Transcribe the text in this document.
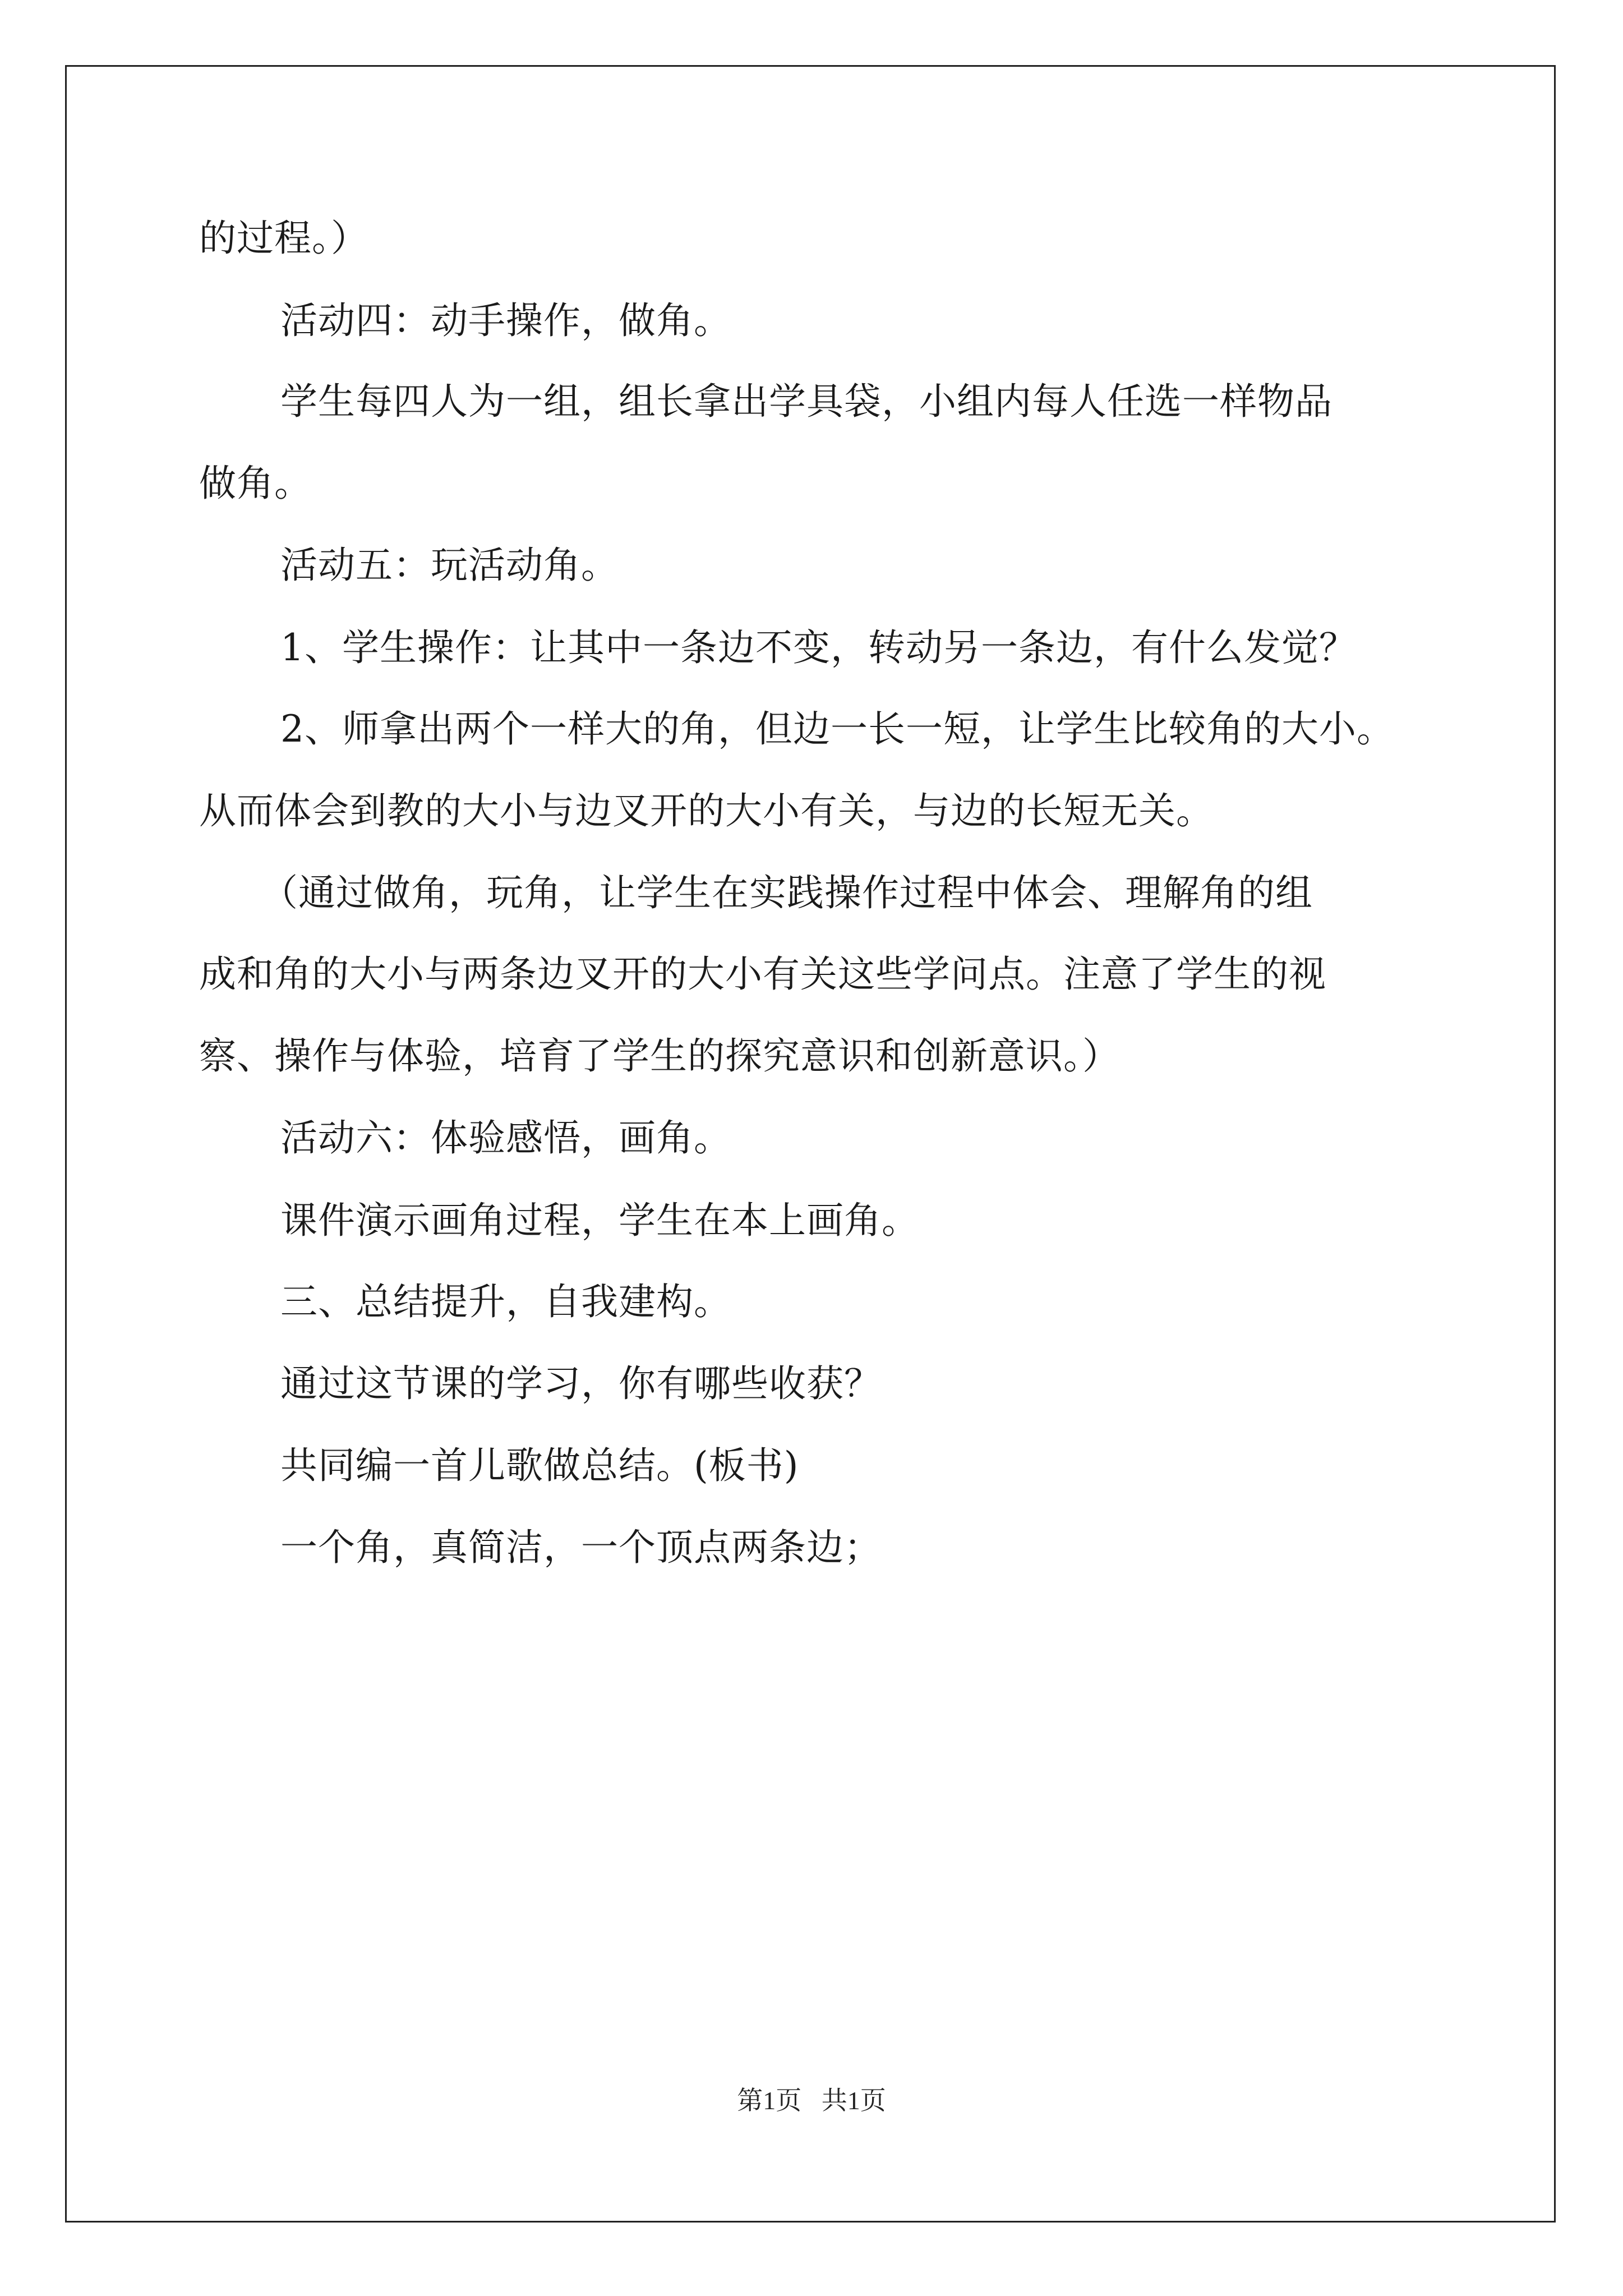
的过程。）

活动四：动手操作，做角。

学生每四人为一组，组长拿出学具袋，小组内每人任选一样物品

做角。

活动五：玩活动角。

1、学生操作：让其中一条边不变，转动另一条边，有什么发觉？

2、师拿出两个一样大的角，但边一长一短，让学生比较角的大小。

从而体会到教的大小与边叉开的大小有关，与边的长短无关。

（通过做角，玩角，让学生在实践操作过程中体会、理解角的组

成和角的大小与两条边叉开的大小有关这些学问点。注意了学生的视

察、操作与体验，培育了学生的探究意识和创新意识。）

活动六：体验感悟，画角。

课件演示画角过程，学生在本上画角。

三、总结提升，自我建构。

通过这节课的学习，你有哪些收获？

共同编一首儿歌做总结。(板书)

一个角，真简洁，一个顶点两条边；

第1页 共1页
